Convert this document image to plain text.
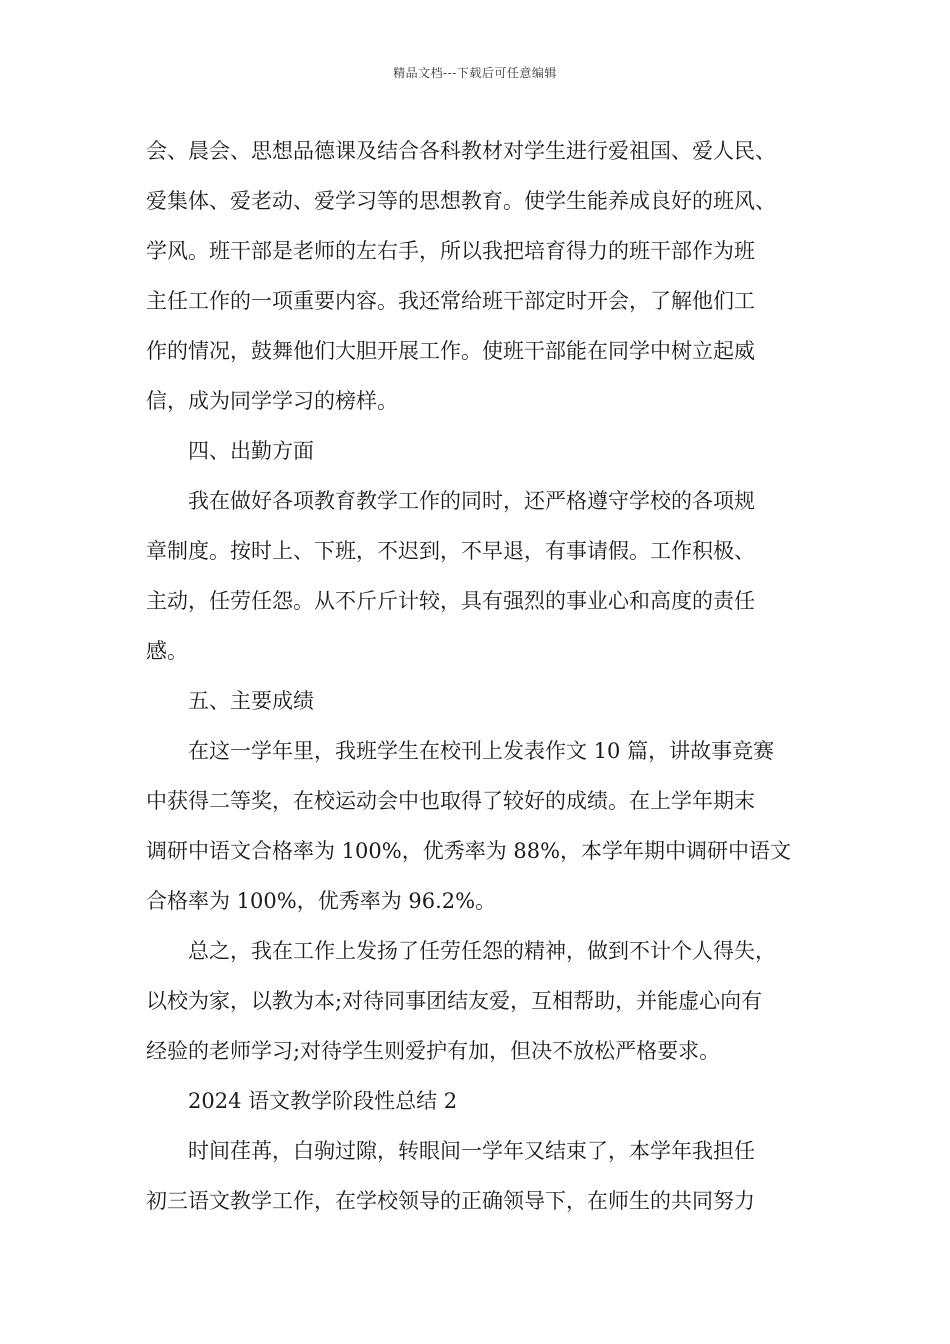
精品文档---下载后可任意编辑
会、晨会、思想品德课及结合各科教材对学生进行爱祖国、爱人民、
爱集体、爱老动、爱学习等的思想教育。使学生能养成良好的班风、
学风。班干部是老师的左右手，所以我把培育得力的班干部作为班
主任工作的一项重要内容。我还常给班干部定时开会，了解他们工
作的情况，鼓舞他们大胆开展工作。使班干部能在同学中树立起威
信，成为同学学习的榜样。
四、出勤方面
我在做好各项教育教学工作的同时，还严格遵守学校的各项规
章制度。按时上、下班，不迟到，不早退，有事请假。工作积极、
主动，任劳任怨。从不斤斤计较，具有强烈的事业心和高度的责任
感。
五、主要成绩
在这一学年里，我班学生在校刊上发表作文 10 篇，讲故事竞赛
中获得二等奖，在校运动会中也取得了较好的成绩。在上学年期末
调研中语文合格率为 100%，优秀率为 88%，本学年期中调研中语文
合格率为 100%，优秀率为 96.2%。
总之，我在工作上发扬了任劳任怨的精神，做到不计个人得失，
以校为家，以教为本;对待同事团结友爱，互相帮助，并能虚心向有
经验的老师学习;对待学生则爱护有加，但决不放松严格要求。
2024 语文教学阶段性总结 2
时间荏苒，白驹过隙，转眼间一学年又结束了，本学年我担任
初三语文教学工作，在学校领导的正确领导下，在师生的共同努力
